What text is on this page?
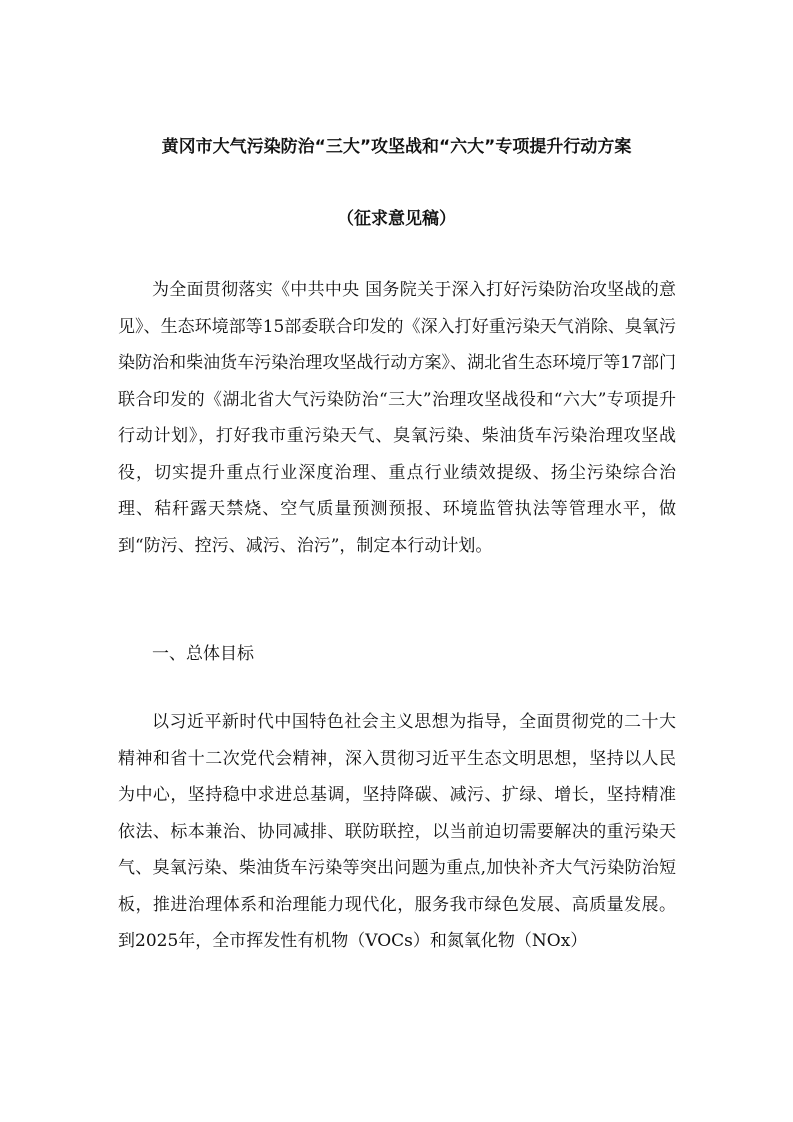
黄冈市大气污染防治“三大”攻坚战和“六大”专项提升行动方案
（征求意见稿）

为全面贯彻落实《中共中央 国务院关于深入打好污染防治攻坚战的意见》、生态环境部等15部委联合印发的《深入打好重污染天气消除、臭氧污染防治和柴油货车污染治理攻坚战行动方案》、湖北省生态环境厅等17部门联合印发的《湖北省大气污染防治“三大”治理攻坚战役和“六大”专项提升行动计划》，打好我市重污染天气、臭氧污染、柴油货车污染治理攻坚战役，切实提升重点行业深度治理、重点行业绩效提级、扬尘污染综合治理、秸秆露天禁烧、空气质量预测预报、环境监管执法等管理水平，做到“防污、控污、减污、治污”，制定本行动计划。

一、总体目标

以习近平新时代中国特色社会主义思想为指导，全面贯彻党的二十大精神和省十二次党代会精神，深入贯彻习近平生态文明思想，坚持以人民为中心，坚持稳中求进总基调，坚持降碳、减污、扩绿、增长，坚持精准依法、标本兼治、协同减排、联防联控，以当前迫切需要解决的重污染天气、臭氧污染、柴油货车污染等突出问题为重点,加快补齐大气污染防治短板，推进治理体系和治理能力现代化，服务我市绿色发展、高质量发展。到2025年，全市挥发性有机物（VOCs）和氮氧化物（NOx）
